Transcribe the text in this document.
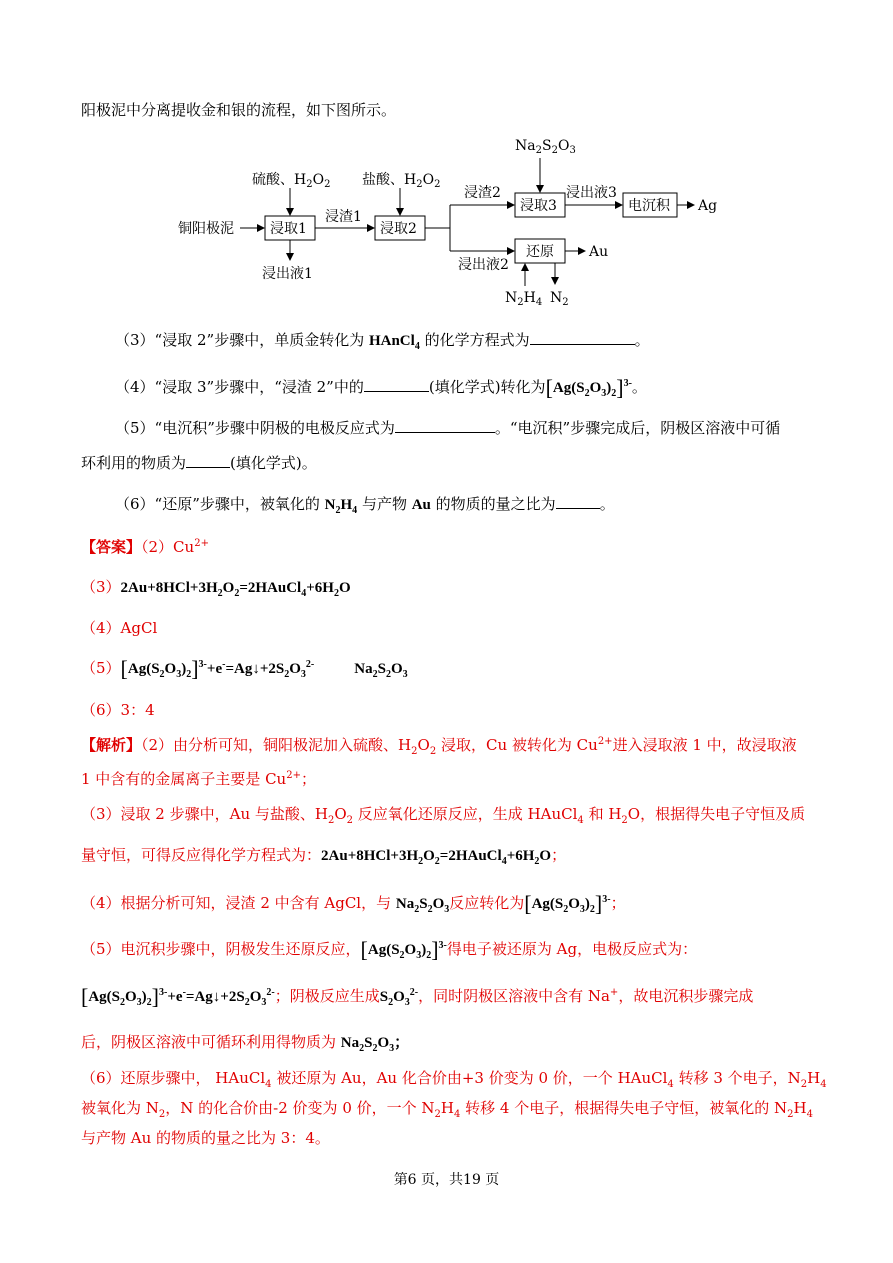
阳极泥中分离提收金和银的流程，如下图所示。
$Na_2S_2O_3$
硫酸、$H_2O_2$ 盐酸、$H_2O_2$
铜阳极泥	浸取1	浸取2
浸取3	电沉积
还原
浸渣1
浸渣2
浸出液1
浸出液2
浸出液3
Ag
Au
$N_2H_4$ $N_2$
（3）“浸取 2”步骤中，单质金转化为 HAnCl$_4$ 的化学方程式为	。
（4）“浸取 3”步骤中，“浸渣 2”中的	(填化学式)转化为$[Ag(S_2O_3)_2]^{3-}$。
（5）“电沉积”步骤中阴极的电极反应式为	。“电沉积”步骤完成后，阴极区溶液中可循
环利用的物质为	(填化学式)。
（6）“还原”步骤中，被氧化的 $N_2H_4$ 与产物 Au 的物质的量之比为	。
【答案】$(2)Cu^{2+}$
$(3)2Au+8HCl+3H_2O_2=2HAuCl_4+6H_2O$
（4）AgCl
$(5)[Ag(S_2O_3)_2]^{3-}+e^-=Ag↓+2S_2O_3^{2-}$	$Na_2S_2O_3$
（6）3：4
【解析】（2）由分析可知，铜阳极泥加入硫酸、$H_2O_2$ 浸取，Cu 被转化为 $Cu^{2+}$进入浸取液 1 中，故浸取液
1 中含有的金属离子主要是 $Cu^{2+}$；
（3）浸取 2 步骤中，Au 与盐酸、$H_2O_2$ 反应氧化还原反应，生成 HAuCl$_4$ 和 $H_2O$，根据得失电子守恒及质
量守恒，可得反应得化学方程式为：$2Au+8HCl+3H_2O_2=2HAuCl_4+6H_2O$；
（4）根据分析可知，浸渣 2 中含有 AgCl，与 $Na_2S_2O_3$反应转化为$[Ag(S_2O_3)_2]^{3-}$；
（5）电沉积步骤中，阴极发生还原反应，$[Ag(S_2O_3)_2]^{3-}$得电子被还原为 Ag，电极反应式为：
$[Ag(S_2O_3)_2]^{3-}+e^-=Ag↓+2S_2O_3^{2-}$；阴极反应生成$S_2O_3^{2-}$，同时阴极区溶液中含有 Na+，故电沉积步骤完成
后，阴极区溶液中可循环利用得物质为 $Na_2S_2O_3$；
（6）还原步骤中， HAuCl$_4$ 被还原为 Au，Au 化合价由+3 价变为 0 价，一个 HAuCl$_4$ 转移 3 个电子，$N_2H_4$
被氧化为 $N_2$，N 的化合价由-2 价变为 0 价，一个 $N_2H_4$ 转移 4 个电子，根据得失电子守恒，被氧化的 $N_2H_4$
与产物 Au 的物质的量之比为 3：4。
第6 页，共19 页
